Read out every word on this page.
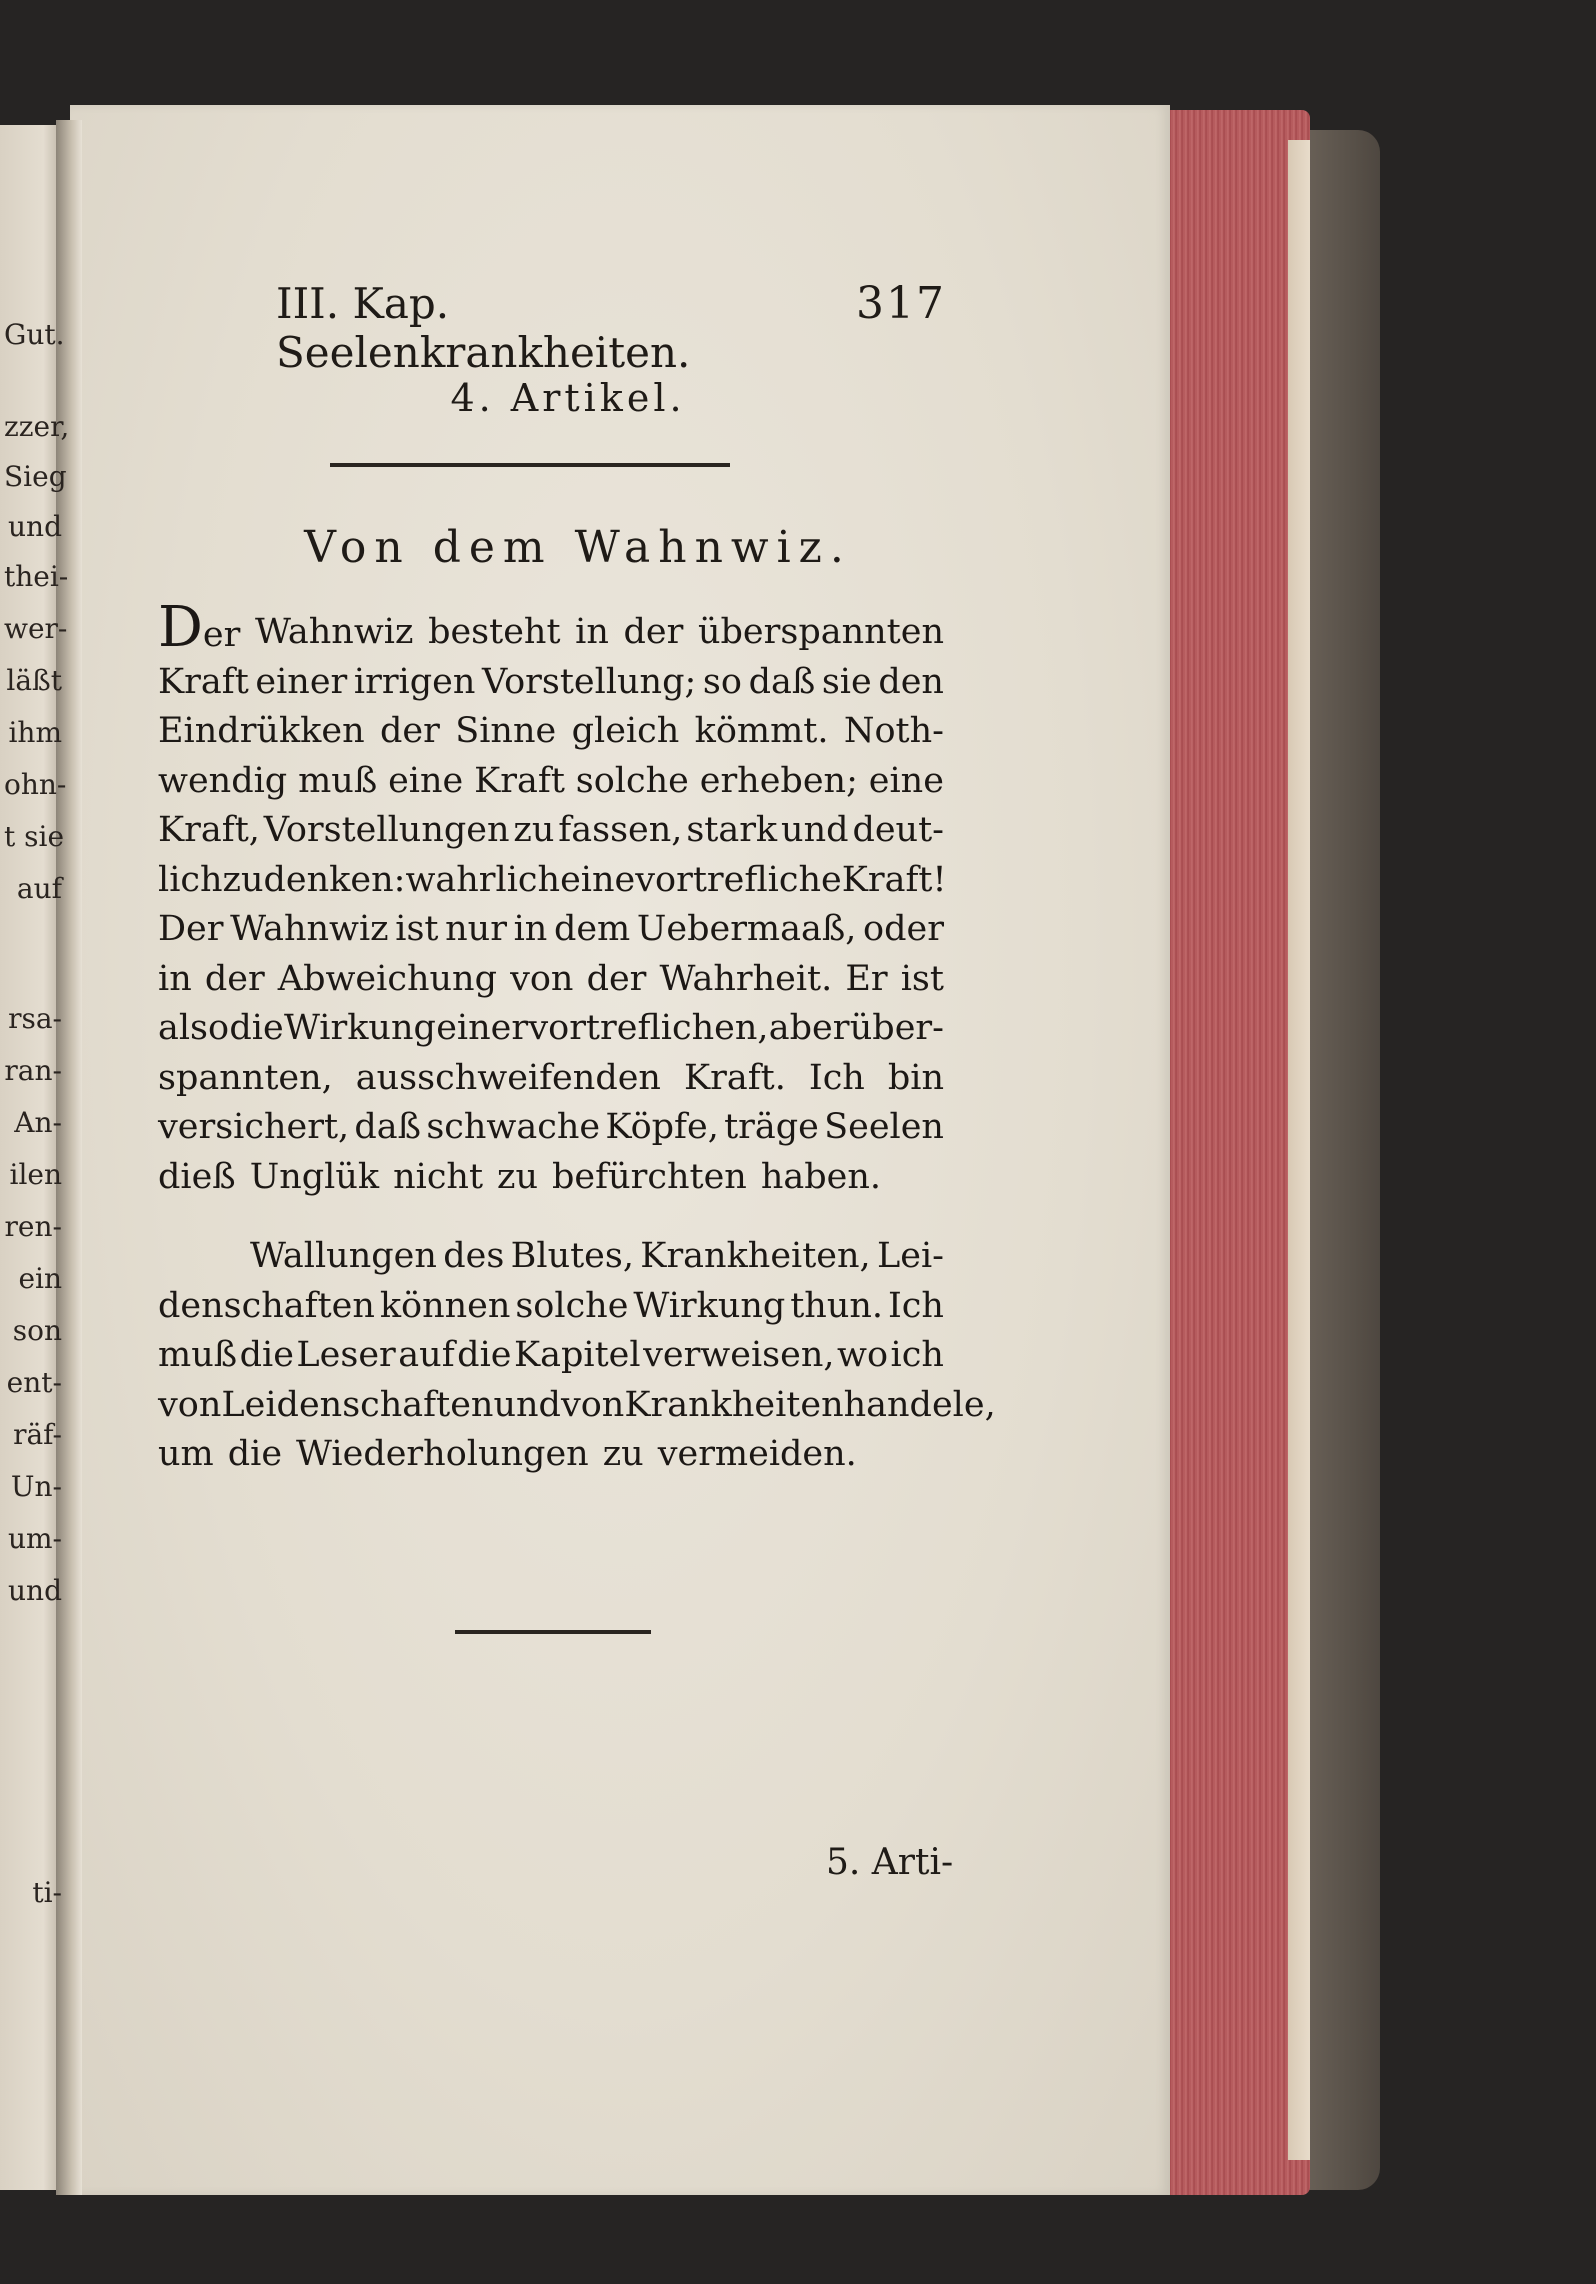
Gut.
zzer,
Sieg
und
thei-
wer-
läßt
ihm
ohn-
t sie
auf
rsa-
ran-
An-
ilen
ren-
ein
son
ent-
räf-
Un-
um-
und
ti-
III. Kap. Seelenkrankheiten.
317
4. Artikel.
Von dem Wahnwiz.
Der Wahnwiz besteht in der überspannten
Kraft einer irrigen Vorstellung; so daß sie den
Eindrükken der Sinne gleich kömmt. Noth-
wendig muß eine Kraft solche erheben; eine
Kraft, Vorstellungen zu fassen, stark und deut-
lich zu denken: wahrlich eine vortrefliche Kraft!
Der Wahnwiz ist nur in dem Uebermaaß, oder
in der Abweichung von der Wahrheit. Er ist
also die Wirkung einer vortreflichen, aber über-
spannten, ausschweifenden Kraft. Ich bin
versichert, daß schwache Köpfe, träge Seelen
dieß Unglük nicht zu befürchten haben.
Wallungen des Blutes, Krankheiten, Lei-
denschaften können solche Wirkung thun. Ich
muß die Leser auf die Kapitel verweisen, wo ich
von Leidenschaften und von Krankheiten handele,
um die Wiederholungen zu vermeiden.
5. Arti-
